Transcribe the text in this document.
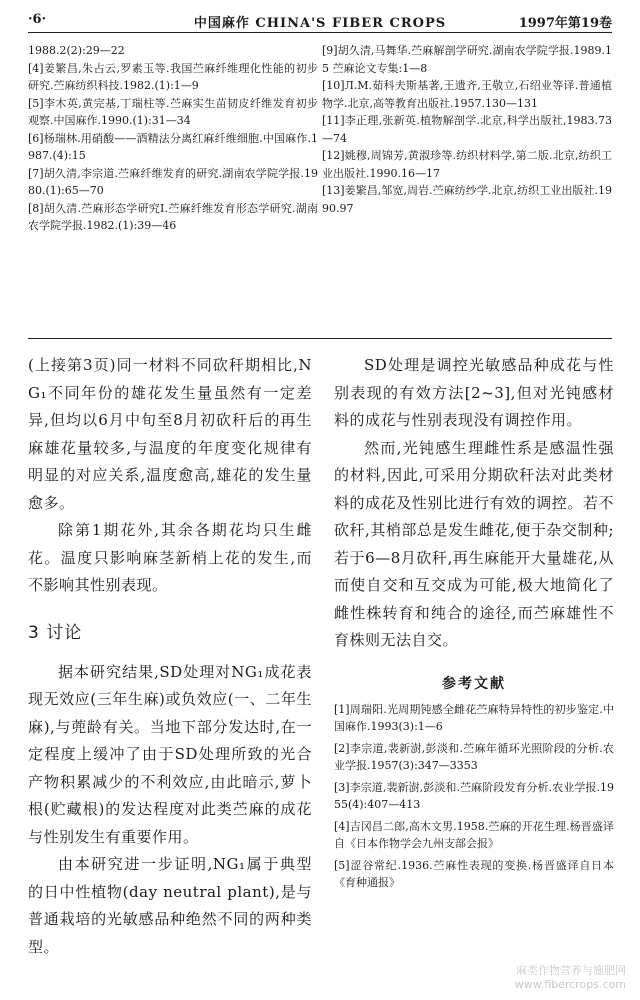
·6·	中国麻作 CHINA'S FIBER CROPS	1997年第19卷

1988.2(2):29—22

[4]姜繁昌,朱占云,罗素玉等.我国苎麻纤维理化性能的初步研究.苎麻纺织科技.1982.(1):1—9

[5]李木英,黄完基,丁瑞柱等.苎麻实生苗韧皮纤维发育初步观察.中国麻作.1990.(1):31—34

[6]杨瑞林.用硝酸——酒精法分离红麻纤维细胞.中国麻作.1987.(4):15

[7]胡久清,李宗道.苎麻纤维发育的研究.湖南农学院学报.1980.(1):65—70

[8]胡久清.苎麻形态学研究Ⅰ.苎麻纤维发育形态学研究.湖南农学院学报.1982.(1):39—46

[9]胡久清,马舞华.苎麻解剖学研究.湖南农学院学报.1989.15 苎麻论文专集:1—8

[10]Л.М.茹科夫斯基著,王遗齐,王敬立,石绍业等译.普通植物学.北京,高等教育出版社.1957.130—131

[11]李正理,张新英.植物解剖学.北京,科学出版社,1983.73—74

[12]姚穆,周锦芳,黄淑珍等.纺织材料学,第二版.北京,纺织工业出版社.1990.16—17

[13]姜繁昌,邹宽,周岩.苎麻纺纱学.北京,纺织工业出版社.1990.97

(上接第3页)同一材料不同砍秆期相比,NG₁不同年份的雄花发生量虽然有一定差异,但均以6月中旬至8月初砍秆后的再生麻雄花量较多,与温度的年度变化规律有明显的对应关系,温度愈高,雄花的发生量愈多。

除第1期花外,其余各期花均只生雌花。温度只影响麻茎新梢上花的发生,而不影响其性别表现。

3 讨论

据本研究结果,SD处理对NG₁成花表现无效应(三年生麻)或负效应(一、二年生麻),与蔸龄有关。当地下部分发达时,在一定程度上缓冲了由于SD处理所致的光合产物积累减少的不利效应,由此暗示,萝卜根(贮藏根)的发达程度对此类苎麻的成花与性别发生有重要作用。

由本研究进一步证明,NG₁属于典型的日中性植物(day neutral plant),是与普通栽培的光敏感品种绝然不同的两种类型。

SD处理是调控光敏感品种成花与性别表现的有效方法[2~3],但对光钝感材料的成花与性别表现没有调控作用。

然而,光钝感生理雌性系是感温性强的材料,因此,可采用分期砍秆法对此类材料的成花及性别比进行有效的调控。若不砍秆,其梢部总是发生雌花,便于杂交制种;若于6—8月砍秆,再生麻能开大量雄花,从而使自交和互交成为可能,极大地简化了雌性株转育和纯合的途径,而苎麻雄性不育株则无法自交。

参考文献

[1]周瑞阳.光周期钝感全雌花苎麻特异特性的初步鉴定.中国麻作.1993(3):1—6

[2]李宗道,裴新澍,彭淡和.苎麻年循环光照阶段的分析.农业学报.1957(3):347—3353

[3]李宗道,裴新澍,彭淡和.苎麻阶段发育分析.农业学报.1955(4):407—413

[4]吉冈昌二郎,高木文男.1958.苎麻的开花生理.杨晋盛译自《日本作物学会九州支部会报》

[5]涩谷常纪.1936.苎麻性表现的变换.杨晋盛译自日本《育种通报》

麻类作物营养与施肥网
www.fibercrops.com
